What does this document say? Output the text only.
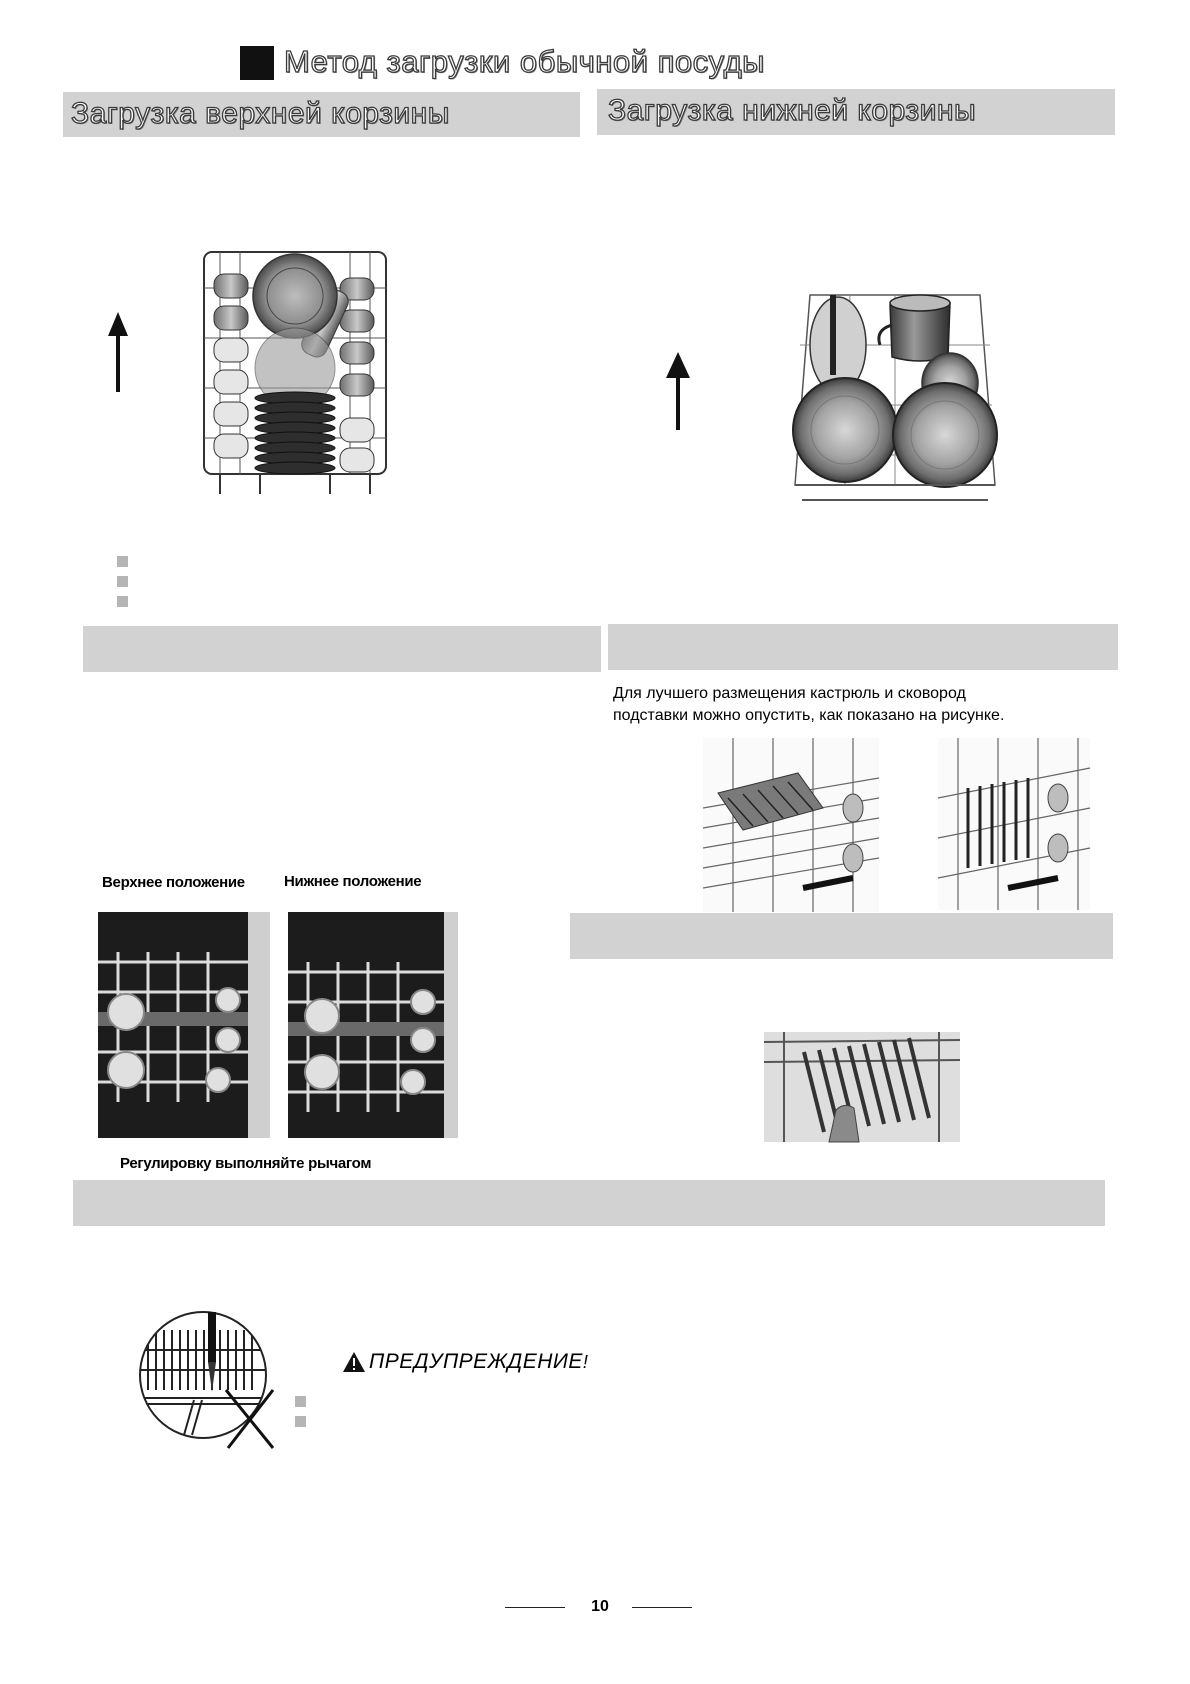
Метод загрузки обычной посуды
Загрузка верхней корзины	Загрузка нижней корзины
Для лучшего размещения кастрюль и сковород
подставки можно опустить, как показано на рисунке.
Верхнее положение	Нижнее положение
Регулировку выполняйте рычагом
ПРЕДУПРЕЖДЕНИЕ!
10
